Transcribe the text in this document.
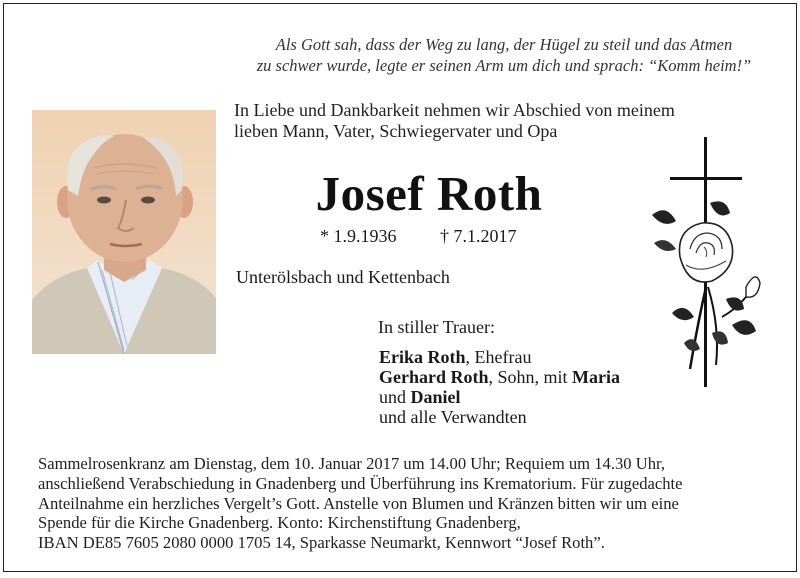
Als Gott sah, dass der Weg zu lang, der Hügel zu steil und das Atmen
zu schwer wurde, legte er seinen Arm um dich und sprach: “Komm heim!”
In Liebe und Dankbarkeit nehmen wir Abschied von meinem
lieben Mann, Vater, Schwiegervater und Opa
Josef Roth
* 1.9.1936 † 7.1.2017
Unterölsbach und Kettenbach
In stiller Trauer:
Erika Roth, Ehefrau
Gerhard Roth, Sohn, mit Maria
und Daniel
und alle Verwandten
Sammelrosenkranz am Dienstag, dem 10. Januar 2017 um 14.00 Uhr; Requiem um 14.30 Uhr,
anschließend Verabschiedung in Gnadenberg und Überführung ins Krematorium. Für zugedachte
Anteilnahme ein herzliches Vergelt’s Gott. Anstelle von Blumen und Kränzen bitten wir um eine
Spende für die Kirche Gnadenberg. Konto: Kirchenstiftung Gnadenberg,
IBAN DE85 7605 2080 0000 1705 14, Sparkasse Neumarkt, Kennwort “Josef Roth”.
